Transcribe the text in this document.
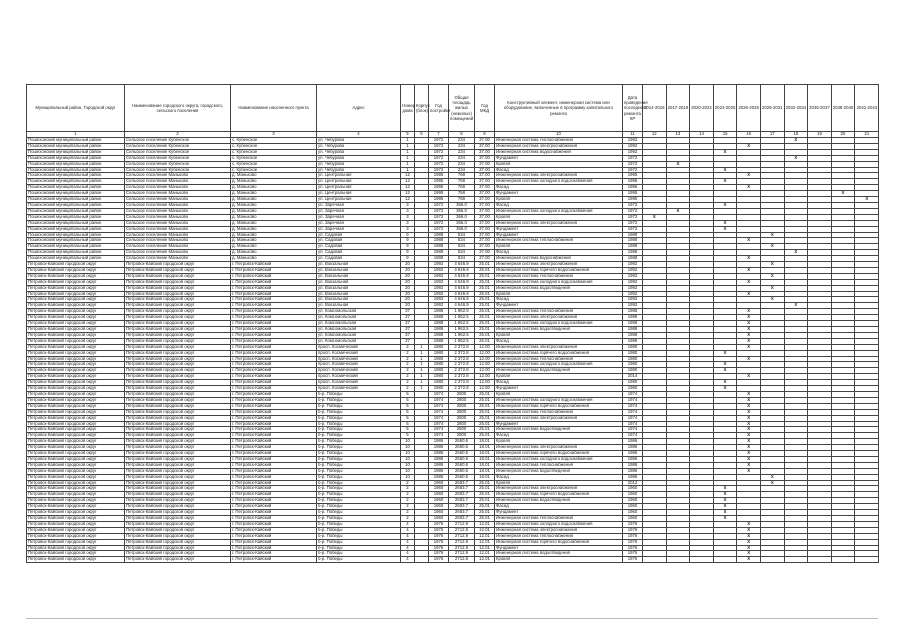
Муниципальный район, Городской округ	Наименование городского округа, городского, сельского поселения	Наименование населенного пункта	Адрес	Номер дома	Корпус (блок)	Год постройки	Общая площадь жилых (нежилых) помещений	Год МКД	Конструктивный элемент, инженерная система или оборудование, включенные в программу капитального ремонта	Дата проведения последнего ремонта КР	2014-2016	2017-2019	2020-2022	2023-2025	2026-2028	2029-2031	2032-2034	2035-2037	2038-2040	2041-2043
1	2	3	4	5	6	7	8	9	10	11	12	13	14	15	16	17	18	19	20	21
Пошехонский муниципальный район	Сельское поселение Кубенское	с. Кубенское	ул. Чебурова	1		1972	234	37.00	Инженерная система теплоснабжения	1992							X			
Пошехонский муниципальный район	Сельское поселение Кубенское	с. Кубенское	ул. Чебурова	1		1972	234	37.00	Инженерная система электроснабжения	1992					X					
Пошехонский муниципальный район	Сельское поселение Кубенское	с. Кубенское	ул. Чебурова	1		1972	234	37.00	Инженерная система водоснабжения	1992				X						
Пошехонский муниципальный район	Сельское поселение Кубенское	с. Кубенское	ул. Чебурова	1		1972	234	37.00	Фундамент	1972							X			
Пошехонский муниципальный район	Сельское поселение Кубенское	с. Кубенское	ул. Чебурова	1		1972	234	37.00	Кровля	1972		X								
Пошехонский муниципальный район	Сельское поселение Кубенское	с. Кубенское	ул. Чебурова	1		1972	234	37.00	Фасад	1972				X						
Пошехонский муниципальный район	Сельское поселение Маньково	д. Маньково	ул. Центральная	12		1995	768	37.00	Инженерная система электроснабжения	1995					X					
Пошехонский муниципальный район	Сельское поселение Маньково	д. Маньково	ул. Центральная	12		1995	768	37.00	Инженерная система холодного водоснабжения	1995				X						
Пошехонский муниципальный район	Сельское поселение Маньково	д. Маньково	ул. Центральная	12		1995	768	37.00	Фасад	1995					X					
Пошехонский муниципальный район	Сельское поселение Маньково	д. Маньково	ул. Центральная	12		1995	768	37.00	Фундамент	1995									X	
Пошехонский муниципальный район	Сельское поселение Маньково	д. Маньково	ул. Центральная	12		1995	768	37.00	Кровля	1995										X
Пошехонский муниципальный район	Сельское поселение Маньково	д. Маньково	ул. Заречная	3		1972	366.0	37.00	Фасад	1972				X						
Пошехонский муниципальный район	Сельское поселение Маньково	д. Маньково	ул. Заречная	3		1972	366.0	37.00	Инженерная система холодного водоснабжения	1972		X								
Пошехонский муниципальный район	Сельское поселение Маньково	д. Маньково	ул. Заречная	3		1972	366.0	37.00	Кровля	1972	X									
Пошехонский муниципальный район	Сельское поселение Маньково	д. Маньково	ул. Заречная	3		1972	366.0	37.00	Инженерная система электроснабжения	1972				X						
Пошехонский муниципальный район	Сельское поселение Маньково	д. Маньково	ул. Заречная	3		1972	366.0	37.00	Фундамент	1972				X						
Пошехонский муниципальный район	Сельское поселение Маньково	д. Маньково	ул. Садовая	9		1988	534	37.00	Фундамент	1988						X				
Пошехонский муниципальный район	Сельское поселение Маньково	д. Маньково	ул. Садовая	9		1988	534	37.00	Инженерная система теплоснабжения	1988					X					
Пошехонский муниципальный район	Сельское поселение Маньково	д. Маньково	ул. Садовая	9		1988	534	37.00	Кровля	1988						X				
Пошехонский муниципальный район	Сельское поселение Маньково	д. Маньково	ул. Садовая	9		1988	534	37.00	Фасад	1988							X			
Пошехонский муниципальный район	Сельское поселение Маньково	д. Маньково	ул. Садовая	9		1988	534	37.00	Инженерная система водоснабжения	1988					X					
Петровск-Кайский городской округ	Петровск-Кайский городской округ	г. Петровск-Кайский	ул. Вокзальная	20		1992	4 646.9	25.01	Инженерная система электроснабжения	1992						X				
Петровск-Кайский городской округ	Петровск-Кайский городской округ	г. Петровск-Кайский	ул. Вокзальная	20		1992	4 646.9	25.01	Инженерная система горячего водоснабжения	1992					X					
Петровск-Кайский городской округ	Петровск-Кайский городской округ	г. Петровск-Кайский	ул. Вокзальная	20		1992	4 646.9	25.01	Инженерная система теплоснабжения	1992						X				
Петровск-Кайский городской округ	Петровск-Кайский городской округ	г. Петровск-Кайский	ул. Вокзальная	20		1992	4 646.9	25.01	Инженерная система холодного водоснабжения	1992					X					
Петровск-Кайский городской округ	Петровск-Кайский городской округ	г. Петровск-Кайский	ул. Вокзальная	20		1992	4 646.9	25.01	Инженерная система водоотведения	1992						X				
Петровск-Кайский городской округ	Петровск-Кайский городской округ	г. Петровск-Кайский	ул. Вокзальная	20		1992	4 646.9	25.01	Кровля	1992					X					
Петровск-Кайский городской округ	Петровск-Кайский городской округ	г. Петровск-Кайский	ул. Вокзальная	20		1992	4 646.9	25.01	Фасад	1992						X				
Петровск-Кайский городской округ	Петровск-Кайский городской округ	г. Петровск-Кайский	ул. Вокзальная	20		1992	4 646.9	25.01	Фундамент	1992							X			
Петровск-Кайский городской округ	Петровск-Кайский городской округ	г. Петровск-Кайский	ул. Комсомольская	37		1988	1 962.5	25.01	Инженерная система теплоснабжения	1988					X					
Петровск-Кайский городской округ	Петровск-Кайский городской округ	г. Петровск-Кайский	ул. Комсомольская	37		1988	1 962.5	25.01	Инженерная система электроснабжения	1988					X					
Петровск-Кайский городской округ	Петровск-Кайский городской округ	г. Петровск-Кайский	ул. Комсомольская	37		1988	1 962.5	25.01	Инженерная система холодного водоснабжения	1988					X					
Петровск-Кайский городской округ	Петровск-Кайский городской округ	г. Петровск-Кайский	ул. Комсомольская	37		1988	1 962.5	25.01	Инженерная система водоотведения	1988					X					
Петровск-Кайский городской округ	Петровск-Кайский городской округ	г. Петровск-Кайский	ул. Комсомольская	37		1988	1 962.5	25.01	Кровля	1988					X					
Петровск-Кайский городской округ	Петровск-Кайский городской округ	г. Петровск-Кайский	ул. Комсомольская	37		1988	1 962.5	25.01	Фасад	1988					X					
Петровск-Кайский городской округ	Петровск-Кайский городской округ	г. Петровск-Кайский	просп. Космический	2	1	1980	2 372.8	12.00	Инженерная система электроснабжения	1980					X					
Петровск-Кайский городской округ	Петровск-Кайский городской округ	г. Петровск-Кайский	просп. Космический	2	1	1980	2 372.8	12.00	Инженерная система горячего водоснабжения	1980				X						
Петровск-Кайский городской округ	Петровск-Кайский городской округ	г. Петровск-Кайский	просп. Космический	2	1	1980	2 372.8	12.00	Инженерная система теплоснабжения	1980					X					
Петровск-Кайский городской округ	Петровск-Кайский городской округ	г. Петровск-Кайский	просп. Космический	2	1	1980	2 372.8	12.00	Инженерная система холодного водоснабжения	1980				X						
Петровск-Кайский городской округ	Петровск-Кайский городской округ	г. Петровск-Кайский	просп. Космический	2	1	1980	2 372.8	12.00	Инженерная система водоотведения	1980				X						
Петровск-Кайский городской округ	Петровск-Кайский городской округ	г. Петровск-Кайский	просп. Космический	2	1	1980	2 372.8	12.00	Кровля	2014					X					
Петровск-Кайский городской округ	Петровск-Кайский городской округ	г. Петровск-Кайский	просп. Космический	2	1	1980	2 372.8	12.00	Фасад	1980				X						
Петровск-Кайский городской округ	Петровск-Кайский городской округ	г. Петровск-Кайский	просп. Космический	2	1	1980	2 372.8	12.00	Фундамент	1980				X						
Петровск-Кайский городской округ	Петровск-Кайский городской округ	г. Петровск-Кайский	б-р. Победы	5		1974	2800	25.01	Кровля	1974					X					
Петровск-Кайский городской округ	Петровск-Кайский городской округ	г. Петровск-Кайский	б-р. Победы	5		1974	2800	25.01	Инженерная система холодного водоснабжения	1974					X					
Петровск-Кайский городской округ	Петровск-Кайский городской округ	г. Петровск-Кайский	б-р. Победы	5		1974	2800	25.01	Инженерная система горячего водоснабжения	1974					X					
Петровск-Кайский городской округ	Петровск-Кайский городской округ	г. Петровск-Кайский	б-р. Победы	5		1974	2800	25.01	Инженерная система теплоснабжения	1974					X					
Петровск-Кайский городской округ	Петровск-Кайский городской округ	г. Петровск-Кайский	б-р. Победы	5		1974	2800	25.01	Инженерная система электроснабжения	1974					X					
Петровск-Кайский городской округ	Петровск-Кайский городской округ	г. Петровск-Кайский	б-р. Победы	5		1974	2800	25.01	Фундамент	1974					X					
Петровск-Кайский городской округ	Петровск-Кайский городской округ	г. Петровск-Кайский	б-р. Победы	5		1974	2800	25.01	Инженерная система водоотведения	1974					X					
Петровск-Кайский городской округ	Петровск-Кайский городской округ	г. Петровск-Кайский	б-р. Победы	5		1974	2800	25.01	Фасад	1974					X					
Петровск-Кайский городской округ	Петровск-Кайский городской округ	г. Петровск-Кайский	б-р. Победы	10		1986	2660.5	18.01	Кровля	1986					X					
Петровск-Кайский городской округ	Петровск-Кайский городской округ	г. Петровск-Кайский	б-р. Победы	10		1986	2660.5	18.01	Инженерная система электроснабжения	1986					X					
Петровск-Кайский городской округ	Петровск-Кайский городской округ	г. Петровск-Кайский	б-р. Победы	10		1986	2660.5	18.01	Инженерная система горячего водоснабжения	1986					X					
Петровск-Кайский городской округ	Петровск-Кайский городской округ	г. Петровск-Кайский	б-р. Победы	10		1986	2660.5	18.01	Инженерная система холодного водоснабжения	1986					X					
Петровск-Кайский городской округ	Петровск-Кайский городской округ	г. Петровск-Кайский	б-р. Победы	10		1986	2660.5	18.01	Инженерная система теплоснабжения	1986					X					
Петровск-Кайский городской округ	Петровск-Кайский городской округ	г. Петровск-Кайский	б-р. Победы	10		1986	2660.5	18.01	Инженерная система водоотведения	1986					X					
Петровск-Кайский городской округ	Петровск-Кайский городской округ	г. Петровск-Кайский	б-р. Победы	10		1986	2660.5	18.01	Фасад	1986						X				
Петровск-Кайский городской округ	Петровск-Кайский городской округ	г. Петровск-Кайский	б-р. Победы	2		1960	2683.7	25.01	Кровля	2012						X				
Петровск-Кайский городской округ	Петровск-Кайский городской округ	г. Петровск-Кайский	б-р. Победы	2		1960	2683.7	25.01	Инженерная система электроснабжения	1960				X						
Петровск-Кайский городской округ	Петровск-Кайский городской округ	г. Петровск-Кайский	б-р. Победы	2		1960	2683.7	25.01	Инженерная система горячего водоснабжения	1960				X						
Петровск-Кайский городской округ	Петровск-Кайский городской округ	г. Петровск-Кайский	б-р. Победы	2		1960	2683.7	25.01	Инженерная система водоотведения	1960				X						
Петровск-Кайский городской округ	Петровск-Кайский городской округ	г. Петровск-Кайский	б-р. Победы	2		1960	2683.7	25.01	Фасад	1960				X						
Петровск-Кайский городской округ	Петровск-Кайский городской округ	г. Петровск-Кайский	б-р. Победы	2		1960	2683.7	25.01	Фундамент	1960				X						
Петровск-Кайский городской округ	Петровск-Кайский городской округ	г. Петровск-Кайский	б-р. Победы	2		1960	2683.7	25.01	Инженерная система теплоснабжения	1960				X						
Петровск-Кайский городской округ	Петровск-Кайский городской округ	г. Петровск-Кайский	б-р. Победы	4		1976	2712.9	12.01	Инженерная система холодного водоснабжения	1976					X					
Петровск-Кайский городской округ	Петровск-Кайский городской округ	г. Петровск-Кайский	б-р. Победы	4		1976	2712.9	12.01	Инженерная система электроснабжения	1976					X					
Петровск-Кайский городской округ	Петровск-Кайский городской округ	г. Петровск-Кайский	б-р. Победы	4		1976	2712.9	12.01	Инженерная система теплоснабжения	1976					X					
Петровск-Кайский городской округ	Петровск-Кайский городской округ	г. Петровск-Кайский	б-р. Победы	4		1976	2712.9	12.01	Инженерная система горячего водоснабжения	1976					X					
Петровск-Кайский городской округ	Петровск-Кайский городской округ	г. Петровск-Кайский	б-р. Победы	4		1976	2712.9	12.01	Фундамент	1976					X					
Петровск-Кайский городской округ	Петровск-Кайский городской округ	г. Петровск-Кайский	б-р. Победы	4		1976	2712.9	12.01	Инженерная система водоотведения	1976					X					
Петровск-Кайский городской округ	Петровск-Кайский городской округ	г. Петровск-Кайский	б-р. Победы	4		1976	2712.9	12.01	Кровля	1976					X					
